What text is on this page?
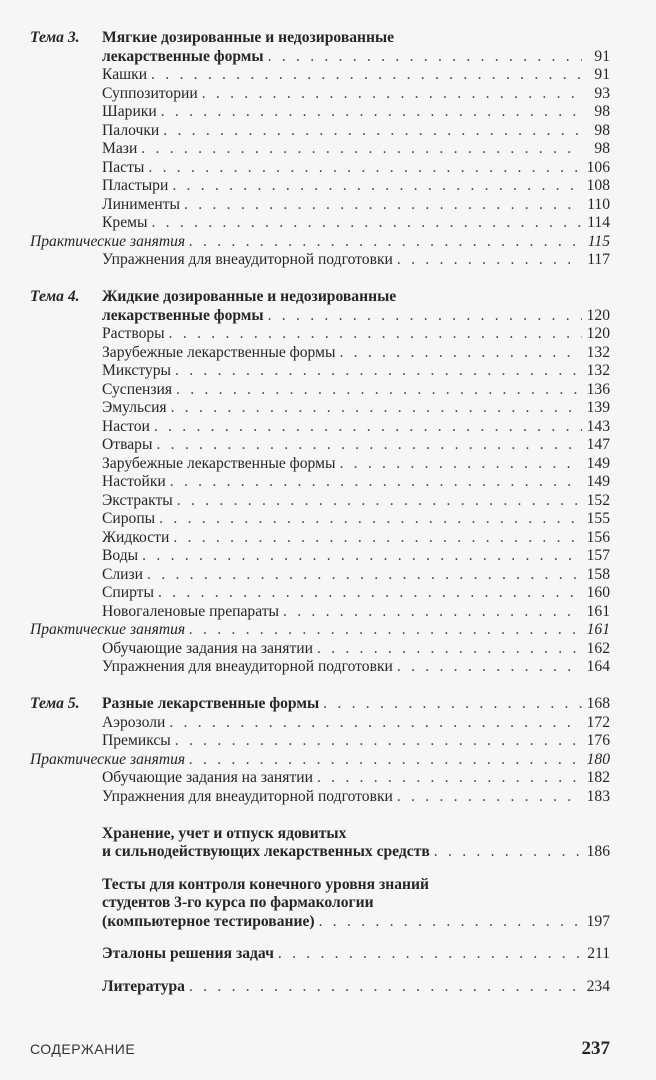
Тема 3.	Мягкие дозированные и недозированные
лекарственные формы . . .	91
Кашки . . .	91
Суппозитории . . .	93
Шарики . . .	98
Палочки . . .	98
Мази . . .	98
Пасты . . .	106
Пластыри . . .	108
Линименты . . .	110
Кремы . . .	114
Практические занятия . . .	115
Упражнения для внеаудиторной подготовки . . .	117
Тема 4.	Жидкие дозированные и недозированные
лекарственные формы . . .	120
Растворы . . .	120
Зарубежные лекарственные формы . . .	132
Микстуры . . .	132
Суспензия . . .	136
Эмульсия . . .	139
Настои . . .	143
Отвары . . .	147
Зарубежные лекарственные формы . . .	149
Настойки . . .	149
Экстракты . . .	152
Сиропы . . .	155
Жидкости . . .	156
Воды . . .	157
Слизи . . .	158
Спирты . . .	160
Новогаленовые препараты . . .	161
Практические занятия . . .	161
Обучающие задания на занятии . . .	162
Упражнения для внеаудиторной подготовки . . .	164
Тема 5.	Разные лекарственные формы . . .	168
Аэрозоли . . .	172
Премиксы . . .	176
Практические занятия . . .	180
Обучающие задания на занятии . . .	182
Упражнения для внеаудиторной подготовки . . .	183
Хранение, учет и отпуск ядовитых
и сильнодействующих лекарственных средств . . .	186
Тесты для контроля конечного уровня знаний
студентов 3-го курса по фармакологии
(компьютерное тестирование) . . .	197
Эталоны решения задач . . .	211
Литература . . .	234
СОДЕРЖАНИЕ	237
